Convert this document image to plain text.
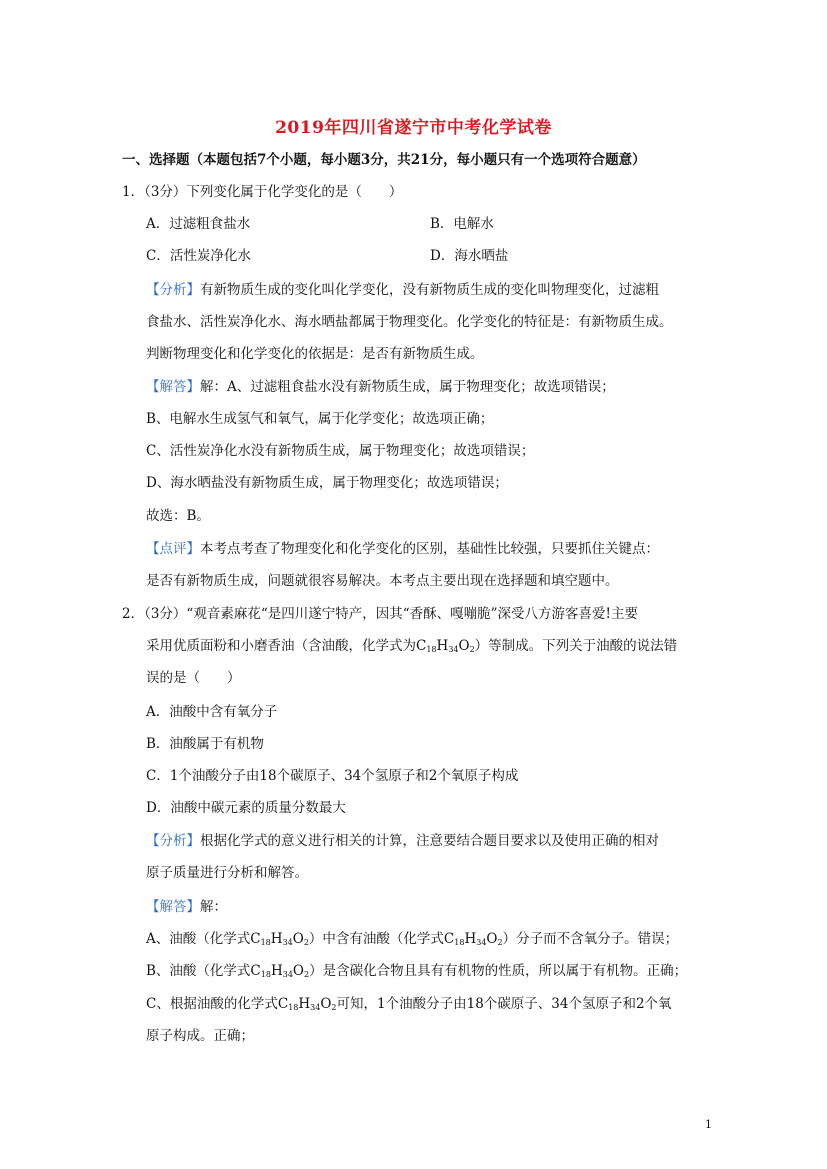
2019年四川省遂宁市中考化学试卷
一、选择题（本题包括7个小题，每小题3分，共21分，每小题只有一个选项符合题意）
1．（3分）下列变化属于化学变化的是（　　）
A．过滤粗食盐水	B．电解水
C．活性炭净化水	D．海水晒盐
【分析】有新物质生成的变化叫化学变化，没有新物质生成的变化叫物理变化，过滤粗
食盐水、活性炭净化水、海水晒盐都属于物理变化。化学变化的特征是：有新物质生成。
判断物理变化和化学变化的依据是：是否有新物质生成。
【解答】解：A、过滤粗食盐水没有新物质生成，属于物理变化；故选项错误；
B、电解水生成氢气和氧气，属于化学变化；故选项正确；
C、活性炭净化水没有新物质生成，属于物理变化；故选项错误；
D、海水晒盐没有新物质生成，属于物理变化；故选项错误；
故选：B。
【点评】本考点考查了物理变化和化学变化的区别，基础性比较强，只要抓住关键点：
是否有新物质生成，问题就很容易解决。本考点主要出现在选择题和填空题中。
2．（3分）“观音素麻花“是四川遂宁特产，因其“香酥、嘎嘣脆”深受八方游客喜爱!主要
采用优质面粉和小磨香油（含油酸，化学式为$C_{18}H_{34}O_2$）等制成。下列关于油酸的说法错
误的是（　　）
A．油酸中含有氧分子
B．油酸属于有机物
C．1个油酸分子由18个碳原子、34个氢原子和2个氧原子构成
D．油酸中碳元素的质量分数最大
【分析】根据化学式的意义进行相关的计算，注意要结合题目要求以及使用正确的相对
原子质量进行分析和解答。
【解答】解：
A、油酸（化学式$C_{18}H_{34}O_2$）中含有油酸（化学式$C_{18}H_{34}O_2$）分子而不含氧分子。错误；
B、油酸（化学式$C_{18}H_{34}O_2$）是含碳化合物且具有有机物的性质，所以属于有机物。正确；
C、根据油酸的化学式$C_{18}H_{34}O_2$可知，1个油酸分子由18个碳原子、34个氢原子和2个氧
原子构成。正确；
1
